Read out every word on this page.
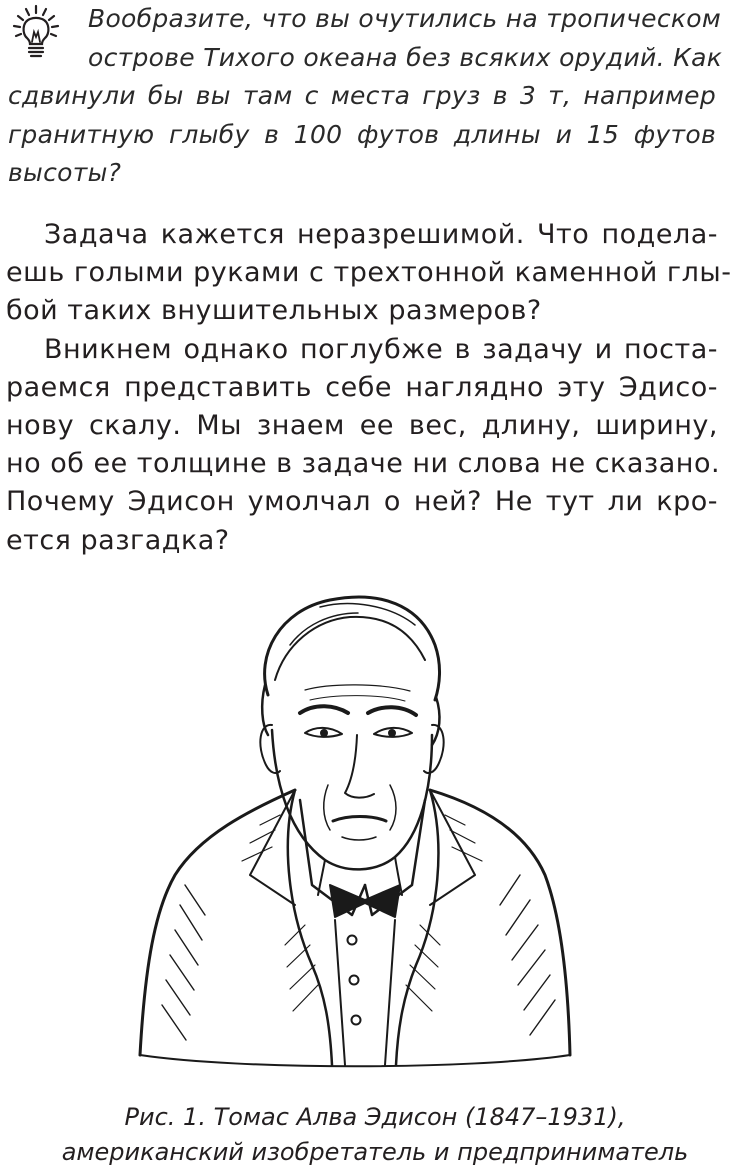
Вообразите, что вы очутились на тропическом
острове Тихого океана без всяких орудий. Как
сдвинули бы вы там с места груз в 3 т, например
гранитную глыбу в 100 футов длины и 15 футов
высоты?
Задача кажется неразрешимой. Что подела-
ешь голыми руками с трехтонной каменной глы-
бой таких внушительных размеров?
Вникнем однако поглубже в задачу и поста-
раемся представить себе наглядно эту Эдисо-
нову скалу. Мы знаем ее вес, длину, ширину,
но об ее толщине в задаче ни слова не сказано.
Почему Эдисон умолчал о ней? Не тут ли кро-
ется разгадка?
Рис. 1. Томас Алва Эдисон (1847–1931),
американский изобретатель и предприниматель
